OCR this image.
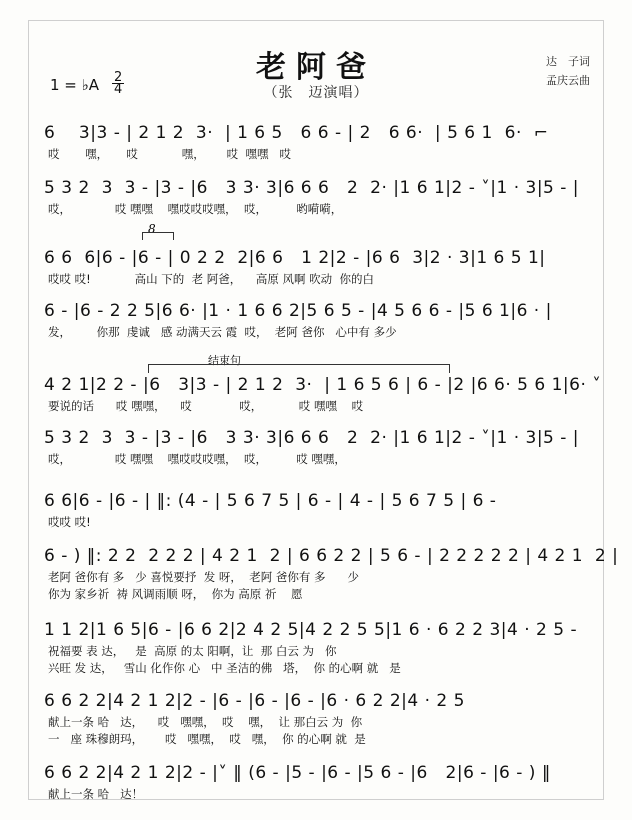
老阿爸
（张　迈演唱）
达　子词
孟庆云曲
1 = ♭A $\frac{2}{4}$
6    3|3 - | 2 1 2  3·  | 1 6 5   6 6 - | 2   6 6·  | 5 6 1  6·  ⌐
哎       嘿，     哎            嘿，      哎  嘿嘿   哎
5 3 2  3  3 - |3 - |6   3 3· 3|6 6 6   2  2· |1 6 1|2 - ˅|1 · 3|5 - |
哎，            哎 嘿嘿    嘿哎哎哎嘿，  哎，        哟嗬嗬，
8
6 6  6|6 - |6 - | 0 2 2  2|6 6   1 2|2 - |6 6  3|2 · 3|1 6 5 1|
哎哎 哎!            高山 下的  老 阿爸，    高原 风啊 吹动  你的白
6 - |6 - 2 2 5|6 6· |1 · 1 6 6 2|5 6 5 - |4 5 6 6 - |5 6 1|6 · |
发，       你那  虔诚   感 动满天云 霞  哎，  老阿 爸你   心中有 多少
结束句
4 2 1|2 2 - |6   3|3 - | 2 1 2  3·  | 1 6 5 6 | 6 - |2 |6 6· 5 6 1|6· ˅
要说的话      哎 嘿嘿，    哎             哎，          哎 嘿嘿    哎
5 3 2  3  3 - |3 - |6   3 3· 3|6 6 6   2  2· |1 6 1|2 - ˅|1 · 3|5 - |
哎，            哎 嘿嘿    嘿哎哎哎嘿，  哎，        哎 嘿嘿，
6 6|6 - |6 - | ‖: (4 - | 5 6 7 5 | 6 - | 4 - | 5 6 7 5 | 6 -
哎哎 哎!
6 - ) ‖: 2 2  2 2 2 | 4 2 1  2 | 6 6 2 2 | 5 6 - | 2 2 2 2 2 | 4 2 1  2 |
老阿 爸你有 多   少 喜悦要抒  发 呀，  老阿 爸你有 多      少
你为 家乡祈  祷 风调雨顺 呀，  你为 高原 祈    愿
1 1 2|1 6 5|6 - |6 6 2|2 4 2 5|4 2 2 5 5|1 6 · 6 2 2 3|4 · 2 5 -
祝福要 表 达，   是  高原 的太 阳啊，让  那 白云 为   你
兴旺 发 达，   雪山 化作你 心   中 圣洁的佛   塔，  你 的心啊 就   是
6 6 2 2|4 2 1 2|2 - |6 - |6 - |6 - |6 · 6 2 2|4 · 2 5
献上一条 哈   达，    哎   嘿嘿，  哎    嘿，  让 那白云 为  你
一   座 珠穆朗玛，      哎   嘿嘿，  哎   嘿，  你 的心啊 就  是
6 6 2 2|4 2 1 2|2 - |˅ ‖ (6 - |5 - |6 - |5 6 - |6   2|6 - |6 - ) ‖
献上一条 哈   达！
